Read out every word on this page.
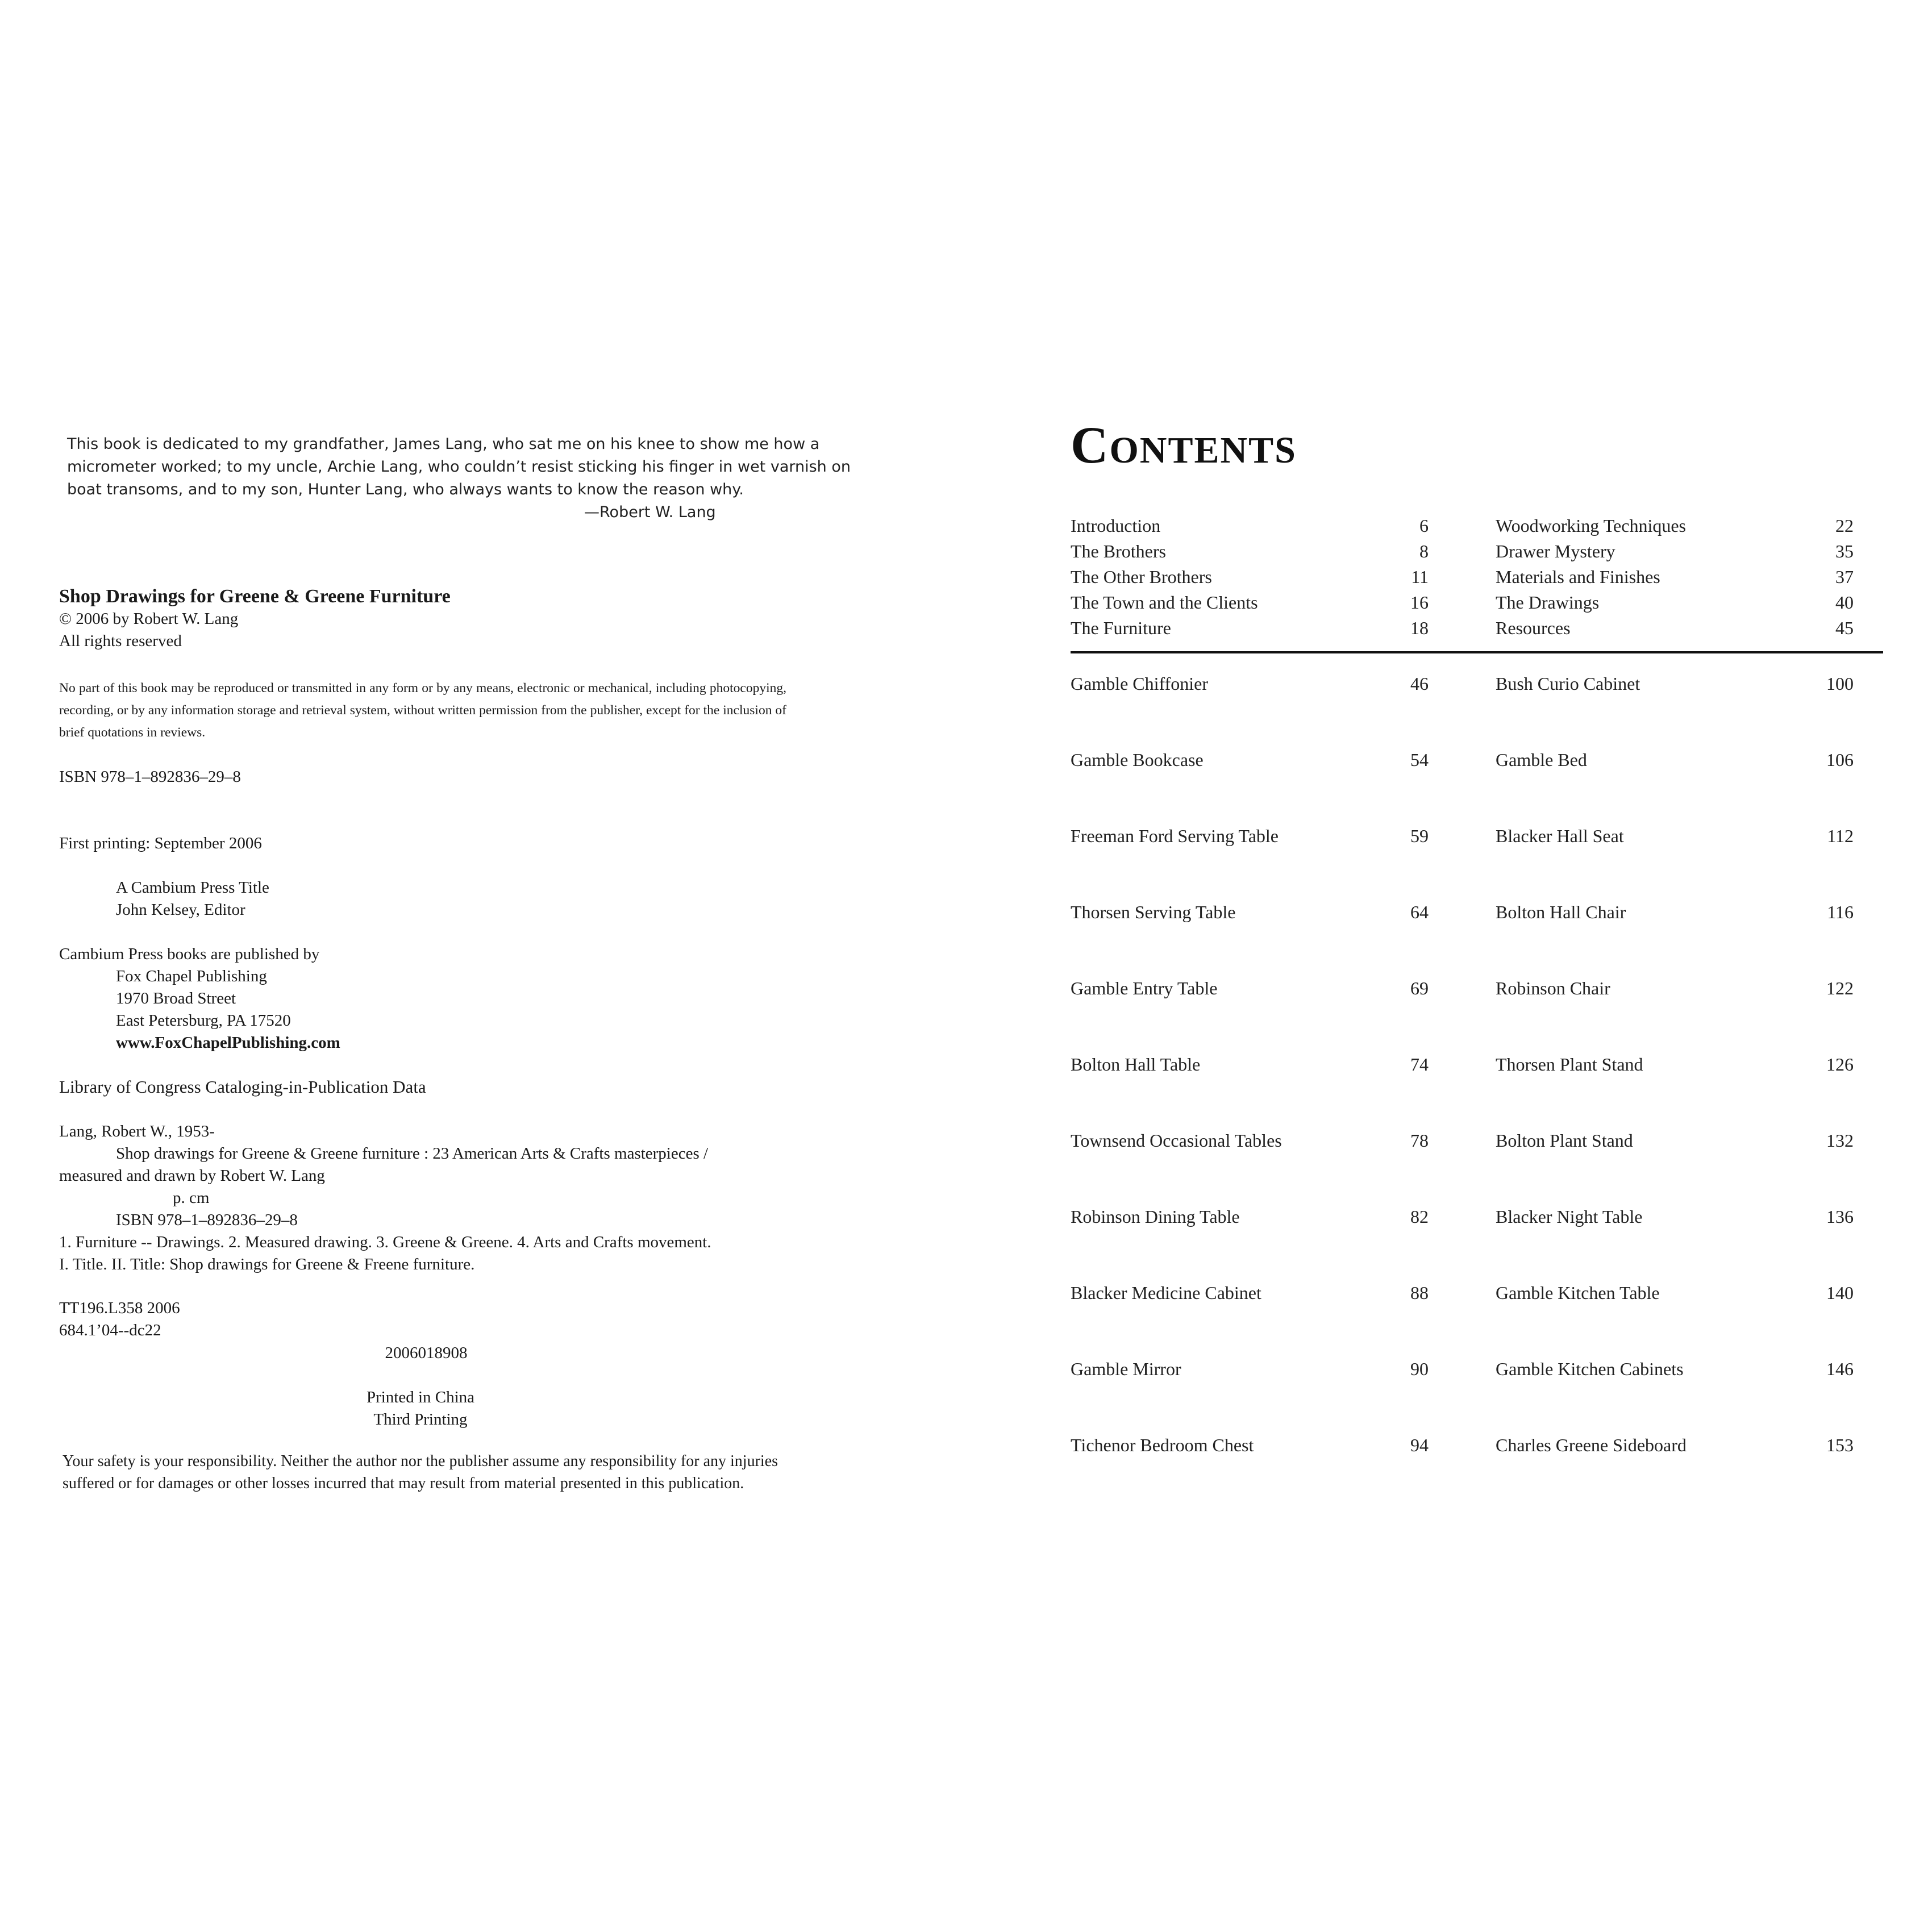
This book is dedicated to my grandfather, James Lang, who sat me on his knee to show me how a

micrometer worked; to my uncle, Archie Lang, who couldn’t resist sticking his finger in wet varnish on

boat transoms, and to my son, Hunter Lang, who always wants to know the reason why.

—Robert W. Lang
Shop Drawings for Greene & Greene Furniture
© 2006 by Robert W. Lang
All rights reserved
No part of this book may be reproduced or transmitted in any form or by any means, electronic or mechanical, including photocopying, recording, or by any information storage and retrieval system, without written permission from the publisher, except for the inclusion of brief quotations in reviews.
ISBN 978–1–892836–29–8
First printing: September 2006
A Cambium Press Title
John Kelsey, Editor
Cambium Press books are published by
Fox Chapel Publishing
1970 Broad Street
East Petersburg, PA 17520
www.FoxChapelPublishing.com
Library of Congress Cataloging-in-Publication Data
Lang, Robert W., 1953-
Shop drawings for Greene & Greene furniture : 23 American Arts & Crafts masterpieces /
measured and drawn by Robert W. Lang
p. cm
ISBN 978–1–892836–29–8
1. Furniture -- Drawings. 2. Measured drawing. 3. Greene & Greene. 4. Arts and Crafts movement.
I. Title. II. Title: Shop drawings for Greene & Freene furniture.
TT196.L358 2006
684.1’04--dc22
2006018908
Printed in China
Third Printing
Your safety is your responsibility. Neither the author nor the publisher assume any responsibility for any injuries suffered or for damages or other losses incurred that may result from material presented in this publication.
CONTENTS
Introduction	6
The Brothers	8
The Other Brothers	11
The Town and the Clients	16
The Furniture	18
Woodworking Techniques	22
Drawer Mystery	35
Materials and Finishes	37
The Drawings	40
Resources	45
Gamble Chiffonier	46
Gamble Bookcase	54
Freeman Ford Serving Table	59
Thorsen Serving Table	64
Gamble Entry Table	69
Bolton Hall Table	74
Townsend Occasional Tables	78
Robinson Dining Table	82
Blacker Medicine Cabinet	88
Gamble Mirror	90
Tichenor Bedroom Chest	94
Bush Curio Cabinet	100
Gamble Bed	106
Blacker Hall Seat	112
Bolton Hall Chair	116
Robinson Chair	122
Thorsen Plant Stand	126
Bolton Plant Stand	132
Blacker Night Table	136
Gamble Kitchen Table	140
Gamble Kitchen Cabinets	146
Charles Greene Sideboard	153
